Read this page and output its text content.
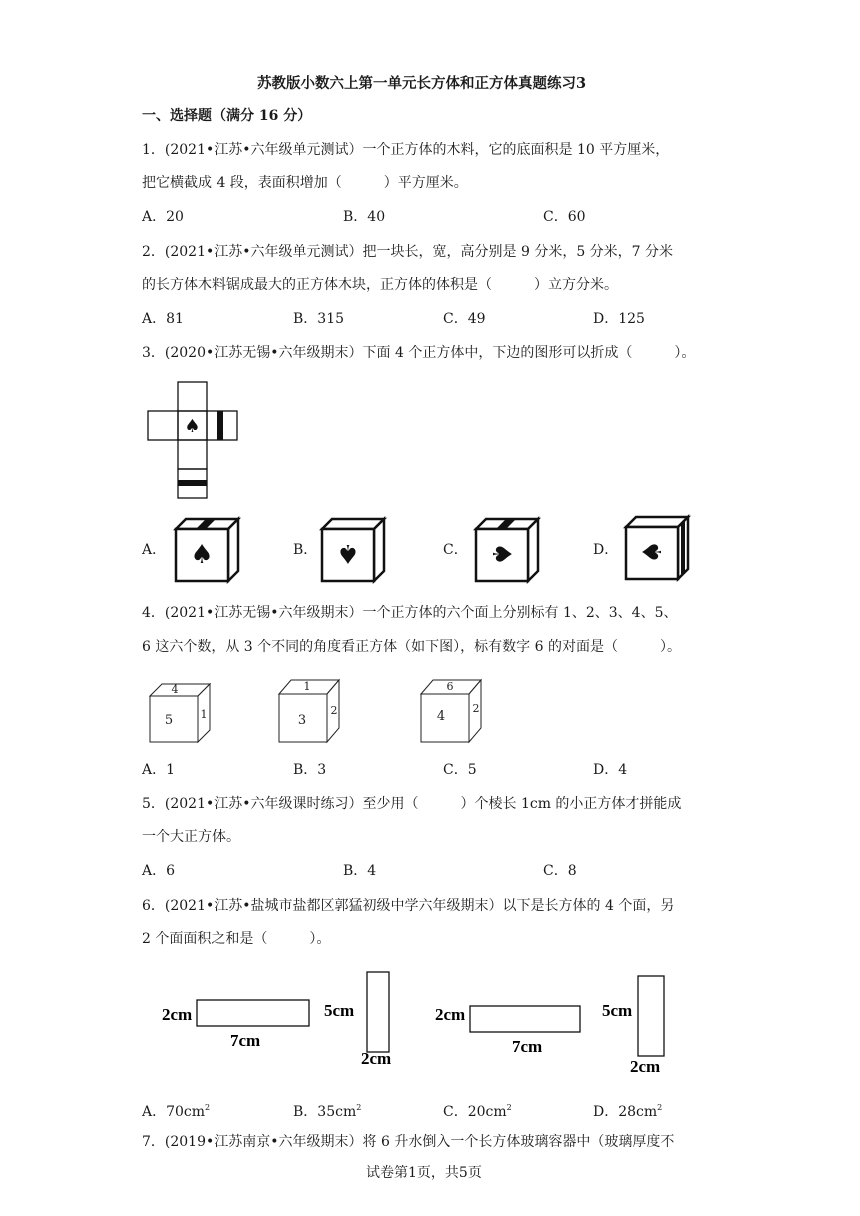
苏教版小数六上第一单元长方体和正方体真题练习3
一、选择题（满分 16 分）
1．(2021•江苏•六年级单元测试）一个正方体的木料，它的底面积是 10 平方厘米，
把它横截成 4 段，表面积增加（　　　）平方厘米。
A．20	B．40	C．60
2．(2021•江苏•六年级单元测试）把一块长，宽，高分别是 9 分米，5 分米，7 分米
的长方体木料锯成最大的正方体木块，正方体的体积是（　　　）立方分米。
A．81	B．315	C．49	D．125
3．(2020•江苏无锡•六年级期末）下面 4 个正方体中，下边的图形可以折成（　　　）。
♠
A． ♠	B． ♠	C． ♠	D． ♠
4．(2021•江苏无锡•六年级期末）一个正方体的六个面上分别标有 1、2、3、4、5、
6 这六个数，从 3 个不同的角度看正方体（如下图），标有数字 6 的对面是（　　　）。
4
5 1
1
3
2
6
4
2
A．1	B．3	C．5	D．4
5．(2021•江苏•六年级课时练习）至少用（　　　）个棱长 1cm 的小正方体才拼能成
一个大正方体。
A．6	B．4	C．8
6．(2021•江苏•盐城市盐都区郭猛初级中学六年级期末）以下是长方体的 4 个面，另
2 个面面积之和是（　　　）。
2cm
7cm
5cm
2cm
2cm
7cm
5cm
2cm
A．$70cm^2$	B．$35cm^2$	C．$20cm^2$	D．$28cm^2$
7．(2019•江苏南京•六年级期末）将 6 升水倒入一个长方体玻璃容器中（玻璃厚度不
试卷第1页，共5页
